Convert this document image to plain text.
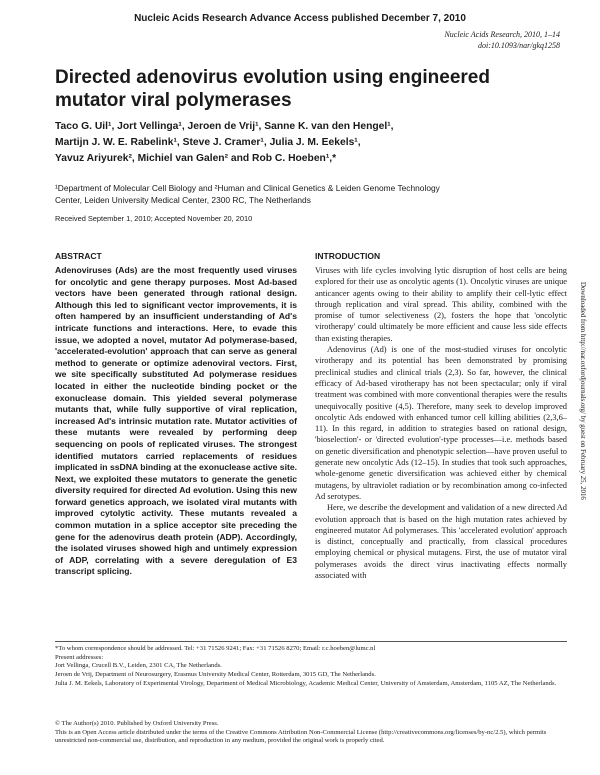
Nucleic Acids Research Advance Access published December 7, 2010
Nucleic Acids Research, 2010, 1–14
doi:10.1093/nar/gkq1258
Directed adenovirus evolution using engineered mutator viral polymerases
Taco G. Uil¹, Jort Vellinga¹, Jeroen de Vrij¹, Sanne K. van den Hengel¹,
Martijn J. W. E. Rabelink¹, Steve J. Cramer¹, Julia J. M. Eekels¹,
Yavuz Ariyurek², Michiel van Galen² and Rob C. Hoeben¹,*
¹Department of Molecular Cell Biology and ²Human and Clinical Genetics & Leiden Genome Technology
Center, Leiden University Medical Center, 2300 RC, The Netherlands
Received September 1, 2010; Accepted November 20, 2010
ABSTRACT
Adenoviruses (Ads) are the most frequently used viruses for oncolytic and gene therapy purposes. Most Ad-based vectors have been generated through rational design. Although this led to significant vector improvements, it is often hampered by an insufficient understanding of Ad's intricate functions and interactions. Here, to evade this issue, we adopted a novel, mutator Ad polymerase-based, 'accelerated-evolution' approach that can serve as general method to generate or optimize adenoviral vectors. First, we site specifically substituted Ad polymerase residues located in either the nucleotide binding pocket or the exonuclease domain. This yielded several polymerase mutants that, while fully supportive of viral replication, increased Ad's intrinsic mutation rate. Mutator activities of these mutants were revealed by performing deep sequencing on pools of replicated viruses. The strongest identified mutators carried replacements of residues implicated in ssDNA binding at the exonuclease active site. Next, we exploited these mutators to generate the genetic diversity required for directed Ad evolution. Using this new forward genetics approach, we isolated viral mutants with improved cytolytic activity. These mutants revealed a common mutation in a splice acceptor site preceding the gene for the adenovirus death protein (ADP). Accordingly, the isolated viruses showed high and untimely expression of ADP, correlating with a severe deregulation of E3 transcript splicing.
INTRODUCTION

Viruses with life cycles involving lytic disruption of host cells are being explored for their use as oncolytic agents (1). Oncolytic viruses are unique anticancer agents owing to their ability to amplify their cell-lytic effect through replication and viral spread. This ability, combined with the promise of tumor selectiveness (2), fosters the hope that 'oncolytic virotherapy' could ultimately be more efficient and cause less side effects than existing therapies.

Adenovirus (Ad) is one of the most-studied viruses for oncolytic virotherapy and its potential has been demonstrated by promising preclinical studies and clinical trials (2,3). So far, however, the clinical efficacy of Ad-based virotherapy has not been spectacular; only if viral treatment was combined with more conventional therapies were the results unequivocally positive (4,5). Therefore, many seek to develop improved oncolytic Ads endowed with enhanced tumor cell killing abilities (2,3,6–11). In this regard, in addition to strategies based on rational design, 'bioselection'- or 'directed evolution'-type processes—i.e. methods based on genetic diversification and phenotypic selection—have proven useful to generate new oncolytic Ads (12–15). In studies that took such approaches, whole-genome genetic diversification was achieved either by chemical mutagens, by ultraviolet radiation or by recombination among co-infected Ad serotypes.

Here, we describe the development and validation of a new directed Ad evolution approach that is based on the high mutation rates achieved by engineered mutator Ad polymerases. This 'accelerated evolution' approach is distinct, conceptually and practically, from classical procedures employing chemical or physical mutagens. First, the use of mutator viral polymerases avoids the direct virus inactivating effects normally associated with

*To whom correspondence should be addressed. Tel: +31 71526 9241; Fax: +31 71526 8270; Email: r.c.hoeben@lumc.nl
Present addresses:
Jort Vellinga, Crucell B.V., Leiden, 2301 CA, The Netherlands.
Jeroen de Vrij, Department of Neurosurgery, Erasmus University Medical Center, Rotterdam, 3015 GD, The Netherlands.
Julia J. M. Eekels, Laboratory of Experimental Virology, Department of Medical Microbiology, Academic Medical Center, University of Amsterdam, Amsterdam, 1105 AZ, The Netherlands.
© The Author(s) 2010. Published by Oxford University Press.
This is an Open Access article distributed under the terms of the Creative Commons Attribution Non-Commercial License (http://creativecommons.org/licenses/by-nc/2.5), which permits unrestricted non-commercial use, distribution, and reproduction in any medium, provided the original work is properly cited.
Downloaded from http://nar.oxfordjournals.org/ by guest on February 25, 2016
